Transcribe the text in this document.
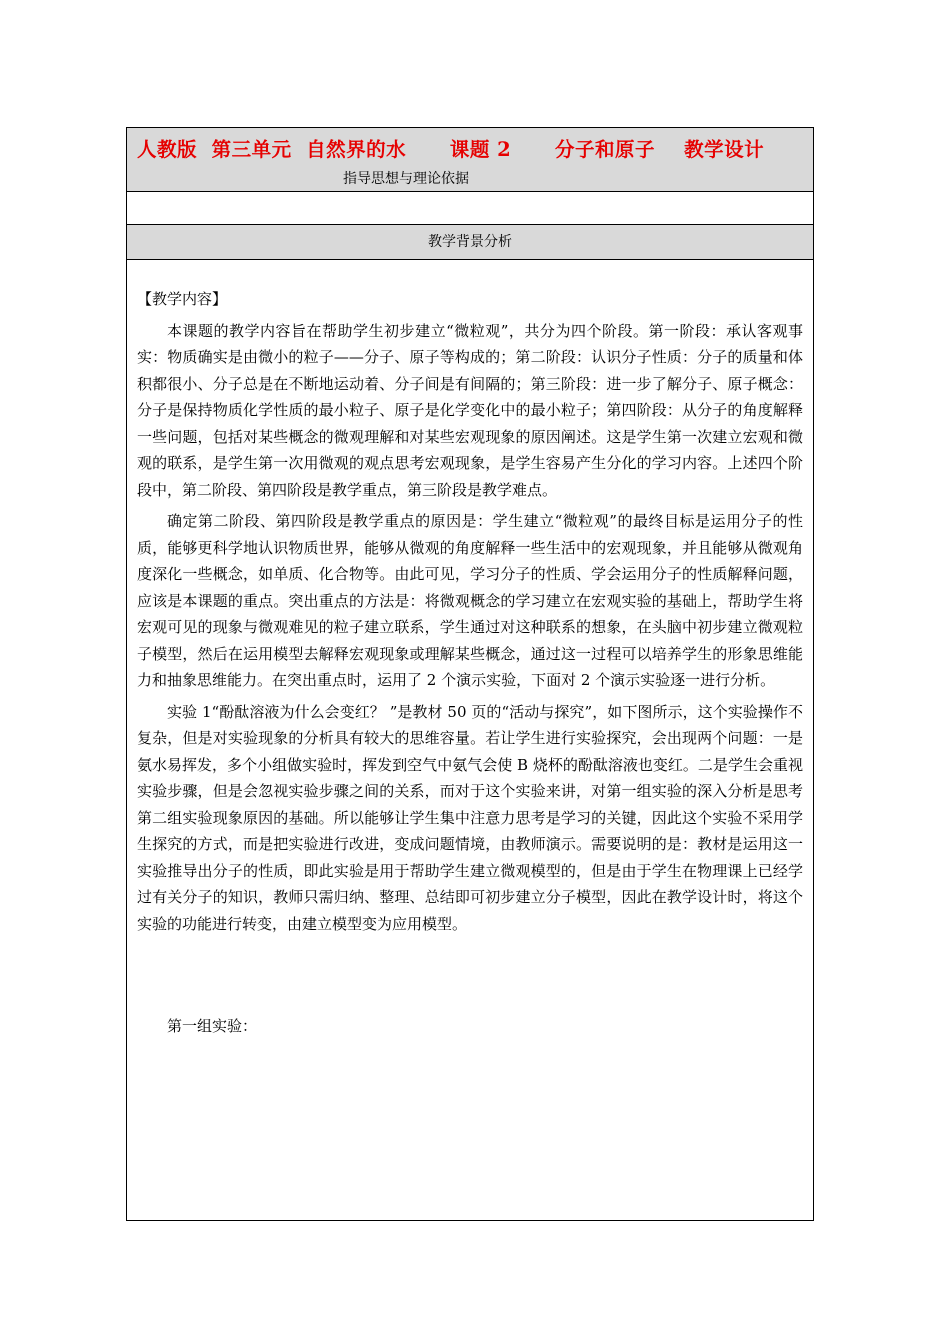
人教版  第三单元  自然界的水      课题 2      分子和原子    教学设计
指导思想与理论依据
教学背景分析

【教学内容】

本课题的教学内容旨在帮助学生初步建立“微粒观”，共分为四个阶段。第一阶段：承认客观事实：物质确实是由微小的粒子——分子、原子等构成的；第二阶段：认识分子性质：分子的质量和体积都很小、分子总是在不断地运动着、分子间是有间隔的；第三阶段：进一步了解分子、原子概念：分子是保持物质化学性质的最小粒子、原子是化学变化中的最小粒子；第四阶段：从分子的角度解释一些问题，包括对某些概念的微观理解和对某些宏观现象的原因阐述。这是学生第一次建立宏观和微观的联系，是学生第一次用微观的观点思考宏观现象，是学生容易产生分化的学习内容。上述四个阶段中，第二阶段、第四阶段是教学重点，第三阶段是教学难点。

确定第二阶段、第四阶段是教学重点的原因是：学生建立“微粒观”的最终目标是运用分子的性质，能够更科学地认识物质世界，能够从微观的角度解释一些生活中的宏观现象，并且能够从微观角度深化一些概念，如单质、化合物等。由此可见，学习分子的性质、学会运用分子的性质解释问题，应该是本课题的重点。突出重点的方法是：将微观概念的学习建立在宏观实验的基础上，帮助学生将宏观可见的现象与微观难见的粒子建立联系，学生通过对这种联系的想象，在头脑中初步建立微观粒子模型，然后在运用模型去解释宏观现象或理解某些概念，通过这一过程可以培养学生的形象思维能力和抽象思维能力。在突出重点时，运用了 2 个演示实验，下面对 2 个演示实验逐一进行分析。

实验 1“酚酞溶液为什么会变红？ ”是教材 50 页的“活动与探究”，如下图所示，这个实验操作不复杂，但是对实验现象的分析具有较大的思维容量。若让学生进行实验探究，会出现两个问题：一是氨水易挥发，多个小组做实验时，挥发到空气中氨气会使 B 烧杯的酚酞溶液也变红。二是学生会重视实验步骤，但是会忽视实验步骤之间的关系，而对于这个实验来讲，对第一组实验的深入分析是思考第二组实验现象原因的基础。所以能够让学生集中注意力思考是学习的关键，因此这个实验不采用学生探究的方式，而是把实验进行改进，变成问题情境，由教师演示。需要说明的是：教材是运用这一实验推导出分子的性质，即此实验是用于帮助学生建立微观模型的，但是由于学生在物理课上已经学过有关分子的知识，教师只需归纳、整理、总结即可初步建立分子模型，因此在教学设计时，将这个实验的功能进行转变，由建立模型变为应用模型。

第一组实验：
